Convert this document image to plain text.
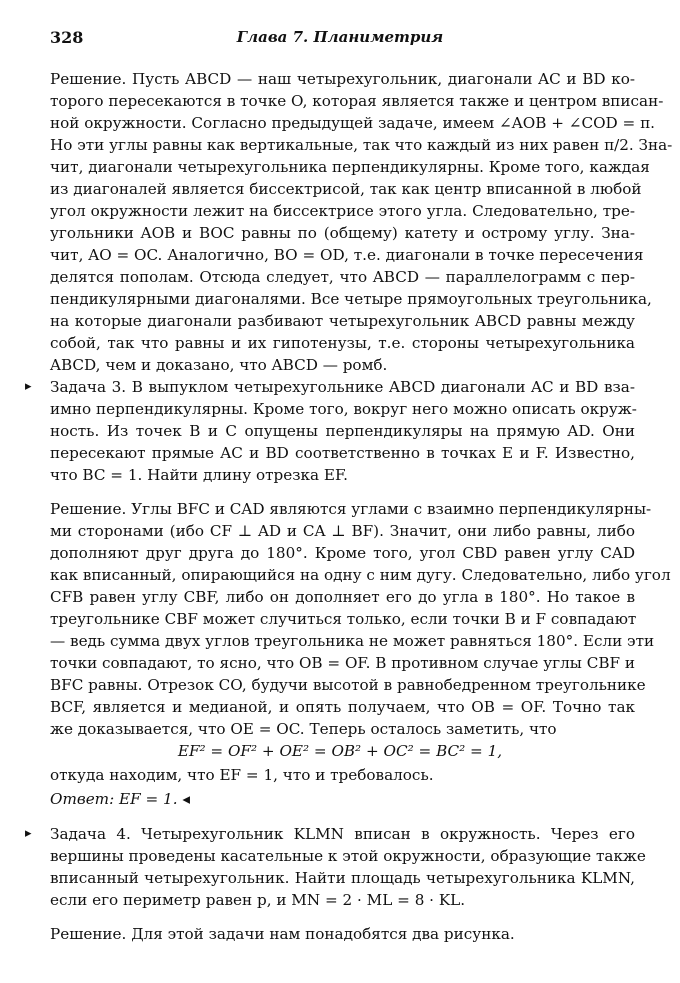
328	Глава 7. Планиметрия
Решение. Пусть ABCD — наш четырехугольник, диагонали AC и BD ко-
торого пересекаются в точке O, которая является также и центром вписан-
ной окружности. Согласно предыдущей задаче, имеем ∠AOB + ∠COD = π.
Но эти углы равны как вертикальные, так что каждый из них равен π/2. Зна-
чит, диагонали четырехугольника перпендикулярны. Кроме того, каждая
из диагоналей является биссектрисой, так как центр вписанной в любой
угол окружности лежит на биссектрисе этого угла. Следовательно, тре-
угольники AOB и BOC равны по (общему) катету и острому углу. Зна-
чит, AO = OC. Аналогично, BO = OD, т.е. диагонали в точке пересечения
делятся пополам. Отсюда следует, что ABCD — параллелограмм с пер-
пендикулярными диагоналями. Все четыре прямоугольных треугольника,
на которые диагонали разбивают четырехугольник ABCD равны между
собой, так что равны и их гипотенузы, т.е. стороны четырехугольника
ABCD, чем и доказано, что ABCD — ромб.
▸ Задача 3. В выпуклом четырехугольнике ABCD диагонали AC и BD вза-
имно перпендикулярны. Кроме того, вокруг него можно описать окруж-
ность. Из точек B и C опущены перпендикуляры на прямую AD. Они
пересекают прямые AC и BD соответственно в точках E и F. Известно,
что BC = 1. Найти длину отрезка EF.
Решение. Углы BFC и CAD являются углами с взаимно перпендикулярны-
ми сторонами (ибо CF ⊥ AD и CA ⊥ BF). Значит, они либо равны, либо
дополняют друг друга до 180°. Кроме того, угол CBD равен углу CAD
как вписанный, опирающийся на одну с ним дугу. Следовательно, либо угол
CFB равен углу CBF, либо он дополняет его до угла в 180°. Но такое в
треугольнике CBF может случиться только, если точки B и F совпадают
— ведь сумма двух углов треугольника не может равняться 180°. Если эти
точки совпадают, то ясно, что OB = OF. В противном случае углы CBF и
BFC равны. Отрезок CO, будучи высотой в равнобедренном треугольнике
BCF, является и медианой, и опять получаем, что OB = OF. Точно так
же доказывается, что OE = OC. Теперь осталось заметить, что
EF² = OF² + OE² = OB² + OC² = BC² = 1,
откуда находим, что EF = 1, что и требовалось.
Ответ: EF = 1. ◂
▸ Задача 4. Четырехугольник KLMN вписан в окружность. Через его
вершины проведены касательные к этой окружности, образующие также
вписанный четырехугольник. Найти площадь четырехугольника KLMN,
если его периметр равен p, и MN = 2 · ML = 8 · KL.
Решение. Для этой задачи нам понадобятся два рисунка.
